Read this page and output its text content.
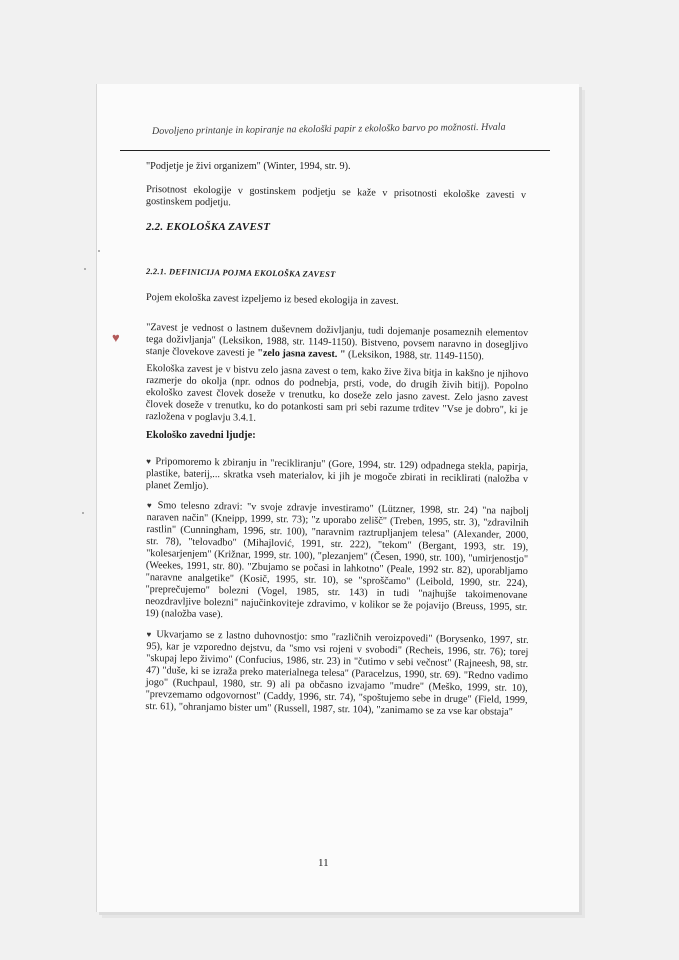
Dovoljeno printanje in kopiranje na ekološki papir z ekološko barvo po možnosti. Hvala
"Podjetje je živi organizem" (Winter, 1994, str. 9).
Prisotnost ekologije v gostinskem podjetju se kaže v prisotnosti ekološke zavesti v gostinskem podjetju.
2.2. EKOLOŠKA ZAVEST
2.2.1. DEFINICIJA POJMA EKOLOŠKA ZAVEST
Pojem ekološka zavest izpeljemo iz besed ekologija in zavest.
"Zavest je vednost o lastnem duševnem doživljanju, tudi dojemanje posameznih elementov tega doživljanja" (Leksikon, 1988, str. 1149-1150). Bistveno, povsem naravno in dosegljivo stanje človekove zavesti je "zelo jasna zavest. " (Leksikon, 1988, str. 1149-1150).
Ekološka zavest je v bistvu zelo jasna zavest o tem, kako žive živa bitja in kakšno je njihovo razmerje do okolja (npr. odnos do podnebja, prsti, vode, do drugih živih bitij). Popolno ekološko zavest človek doseže v trenutku, ko doseže zelo jasno zavest. Zelo jasno zavest človek doseže v trenutku, ko do potankosti sam pri sebi razume trditev "Vse je dobro", ki je razložena v poglavju 3.4.1.
Ekološko zavedni ljudje:
♥ Pripomoremo k zbiranju in "recikliranju" (Gore, 1994, str. 129) odpadnega stekla, papirja, plastike, baterij,... skratka vseh materialov, ki jih je mogoče zbirati in reciklirati (naložba v planet Zemljo).
♥ Smo telesno zdravi: "v svoje zdravje investiramo" (Lützner, 1998, str. 24) "na najbolj naraven način" (Kneipp, 1999, str. 73); "z uporabo zelišč" (Treben, 1995, str. 3), "zdravilnih rastlin" (Cunningham, 1996, str. 100), "naravnim raztrupljanjem telesa" (Alexander, 2000, str. 78), "telovadbo" (Mihajlović, 1991, str. 222), "tekom" (Bergant, 1993, str. 19), "kolesarjenjem" (Križnar, 1999, str. 100), "plezanjem" (Česen, 1990, str. 100), "umirjenostjo" (Weekes, 1991, str. 80). "Zbujamo se počasi in lahkotno" (Peale, 1992 str. 82), uporabljamo "naravne analgetike" (Kosič, 1995, str. 10), se "sproščamo" (Leibold, 1990, str. 224), "preprečujemo" bolezni (Vogel, 1985, str. 143) in tudi "najhujše takoimenovane neozdravljive bolezni" najučinkoviteje zdravimo, v kolikor se že pojavijo (Breuss, 1995, str. 19) (naložba vase).
♥ Ukvarjamo se z lastno duhovnostjo: smo "različnih veroizpovedi" (Borysenko, 1997, str. 95), kar je vzporedno dejstvu, da "smo vsi rojeni v svobodi" (Recheis, 1996, str. 76); torej "skupaj lepo živimo" (Confucius, 1986, str. 23) in "čutimo v sebi večnost" (Rajneesh, 98, str. 47) "duše, ki se izraža preko materialnega telesa" (Paracelzus, 1990, str. 69). "Redno vadimo jogo" (Ruchpaul, 1980, str. 9) ali pa občasno izvajamo "mudre" (Meško, 1999, str. 10), "prevzemamo odgovornost" (Caddy, 1996, str. 74), "spoštujemo sebe in druge" (Field, 1999, str. 61), "ohranjamo bister um" (Russell, 1987, str. 104), "zanimamo se za vse kar obstaja"
11
♥
